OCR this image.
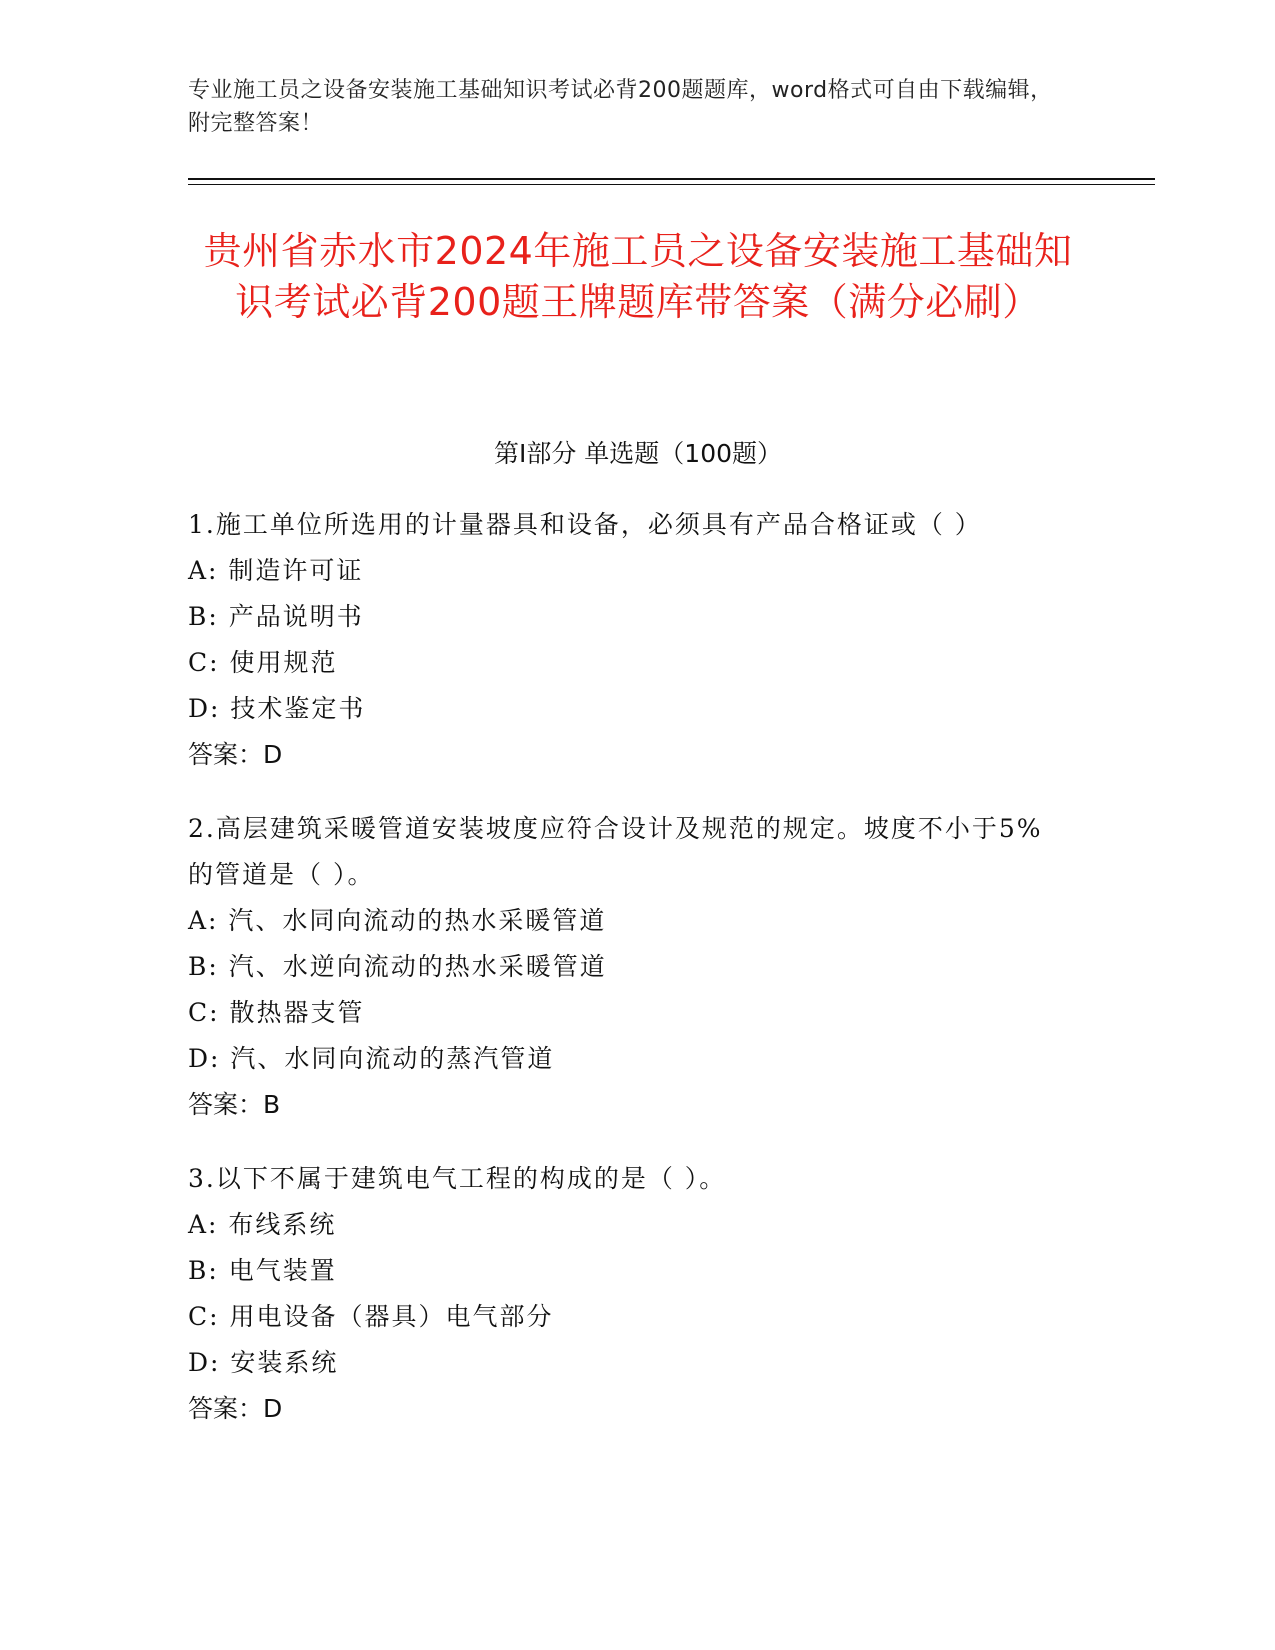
专业施工员之设备安装施工基础知识考试必背200题题库，word格式可自由下载编辑，附完整答案！
贵州省赤水市2024年施工员之设备安装施工基础知识考试必背200题王牌题库带答案（满分必刷）
第I部分 单选题（100题）

1.施工单位所选用的计量器具和设备，必须具有产品合格证或（ ）

A: 制造许可证

B: 产品说明书

C: 使用规范

D: 技术鉴定书

答案：D

2.高层建筑采暖管道安装坡度应符合设计及规范的规定。坡度不小于5%的管道是（ ）。

A: 汽、水同向流动的热水采暖管道

B: 汽、水逆向流动的热水采暖管道

C: 散热器支管

D: 汽、水同向流动的蒸汽管道

答案：B

3.以下不属于建筑电气工程的构成的是（ ）。

A: 布线系统

B: 电气装置

C: 用电设备（器具）电气部分

D: 安装系统

答案：D
